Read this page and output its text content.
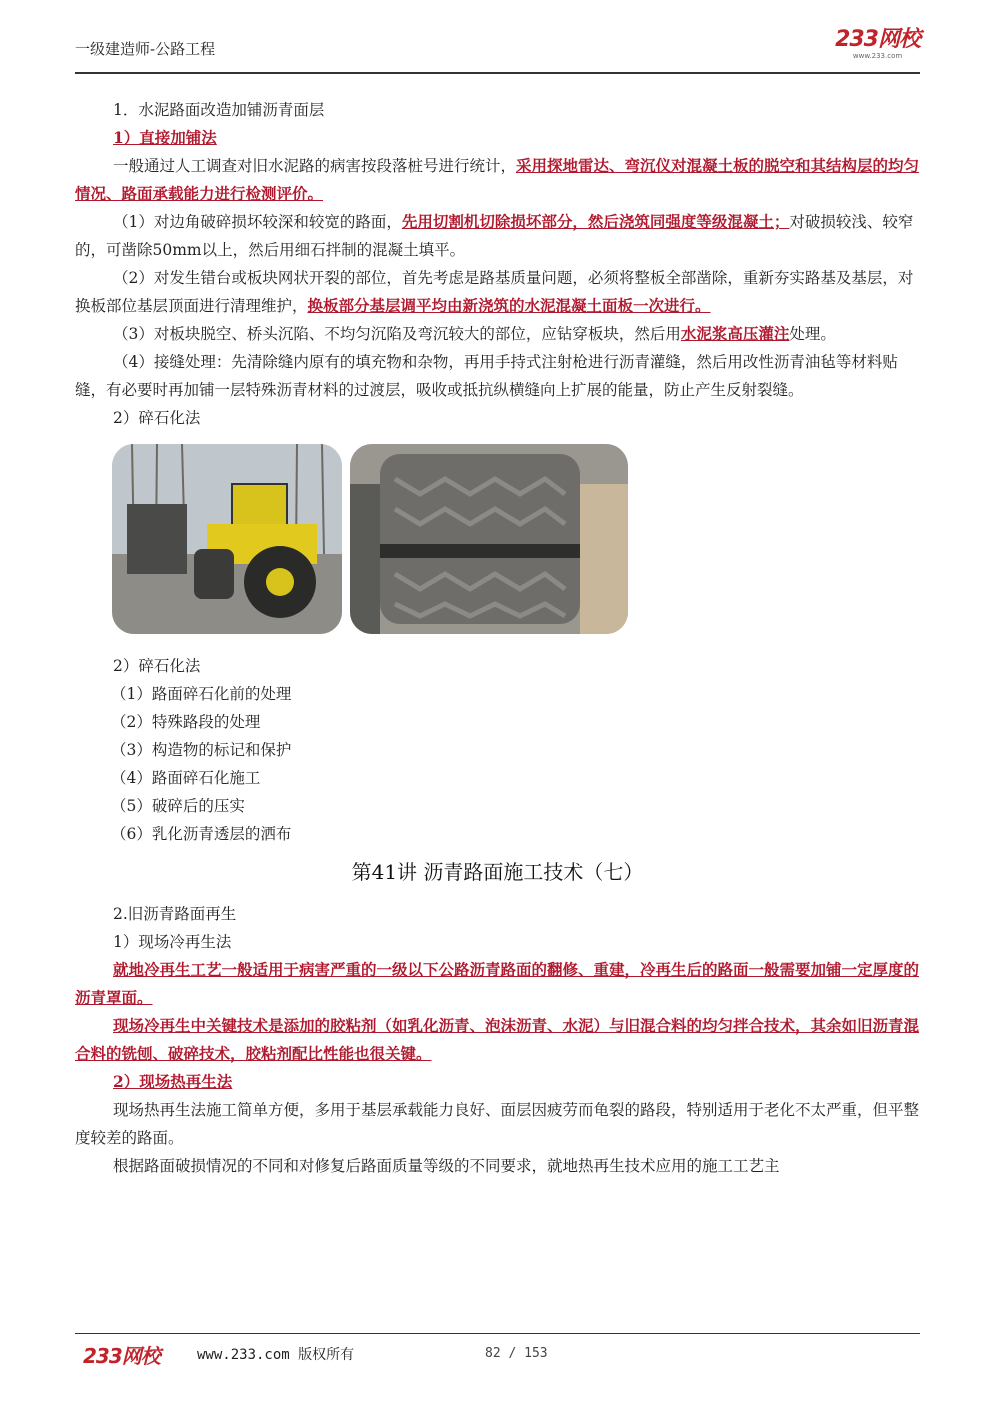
一级建造师-公路工程	233网校
www.233.com

1．水泥路面改造加铺沥青面层

1）直接加铺法

一般通过人工调查对旧水泥路的病害按段落桩号进行统计，采用探地雷达、弯沉仪对混凝土板的脱空和其结构层的均匀情况、路面承载能力进行检测评价。

（1）对边角破碎损坏较深和较宽的路面，先用切割机切除损坏部分，然后浇筑同强度等级混凝土；对破损较浅、较窄的，可凿除50mm以上，然后用细石拌制的混凝土填平。

（2）对发生错台或板块网状开裂的部位，首先考虑是路基质量问题，必须将整板全部凿除，重新夯实路基及基层，对换板部位基层顶面进行清理维护，换板部分基层调平均由新浇筑的水泥混凝土面板一次进行。

（3）对板块脱空、桥头沉陷、不均匀沉陷及弯沉较大的部位，应钻穿板块，然后用水泥浆高压灌注处理。

（4）接缝处理：先清除缝内原有的填充物和杂物，再用手持式注射枪进行沥青灌缝，然后用改性沥青油毡等材料贴缝，有必要时再加铺一层特殊沥青材料的过渡层，吸收或抵抗纵横缝向上扩展的能量，防止产生反射裂缝。

2）碎石化法

2）碎石化法

（1）路面碎石化前的处理

（2）特殊路段的处理

（3）构造物的标记和保护

（4）路面碎石化施工

（5）破碎后的压实

（6）乳化沥青透层的洒布

第41讲 沥青路面施工技术（七）

2.旧沥青路面再生

1）现场冷再生法

就地冷再生工艺一般适用于病害严重的一级以下公路沥青路面的翻修、重建，冷再生后的路面一般需要加铺一定厚度的沥青罩面。

现场冷再生中关键技术是添加的胶粘剂（如乳化沥青、泡沫沥青、水泥）与旧混合料的均匀拌合技术，其余如旧沥青混合料的铣刨、破碎技术，胶粘剂配比性能也很关键。

2）现场热再生法

现场热再生法施工简单方便，多用于基层承载能力良好、面层因疲劳而龟裂的路段，特别适用于老化不太严重，但平整度较差的路面。

根据路面破损情况的不同和对修复后路面质量等级的不同要求，就地热再生技术应用的施工工艺主

233网校	www.233.com 版权所有	82 / 153
